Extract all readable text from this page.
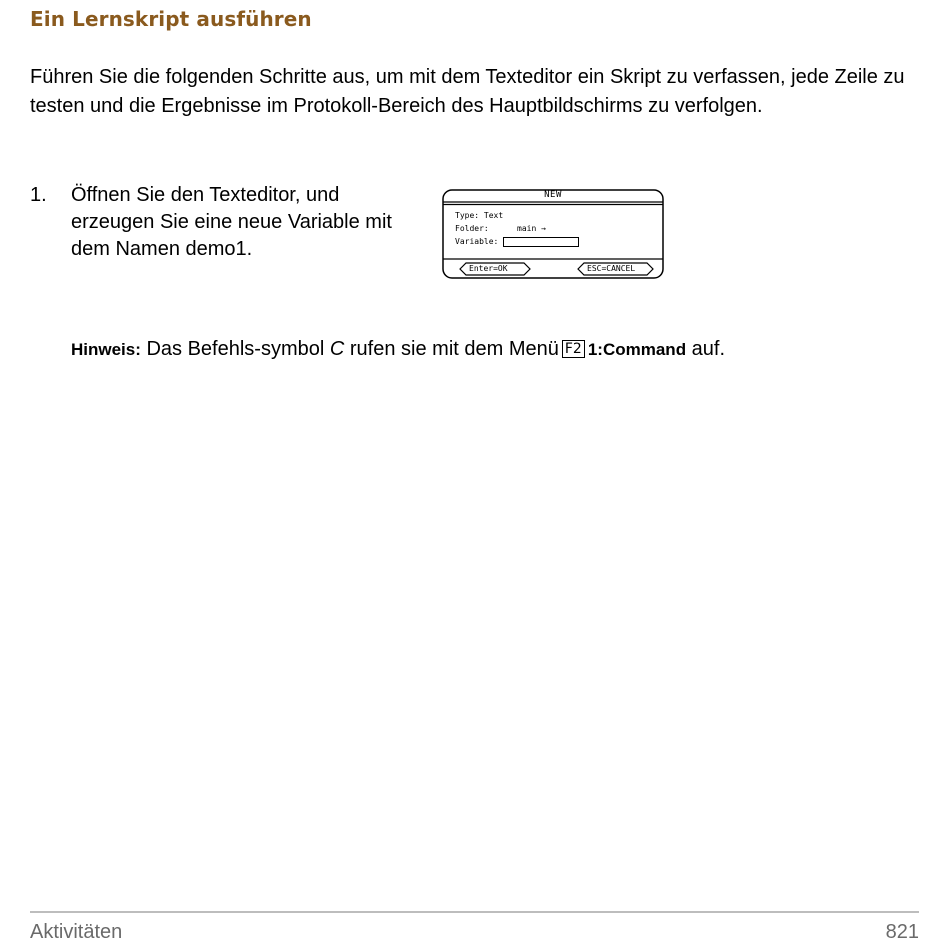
Ein Lernskript ausführen
Führen Sie die folgenden Schritte aus, um mit dem Texteditor ein Skript zu verfassen, jede Zeile zu testen und die Ergebnisse im Protokoll-Bereich des Hauptbildschirms zu verfolgen.
1. Öffnen Sie den Texteditor, und erzeugen Sie eine neue Variable mit dem Namen demo1.
NEW
Type: Text
Folder:	main →
Variable:
Enter=OK	ESC=CANCEL
Hinweis: Das Befehls-symbol C rufen sie mit dem Menü F2 1:Command auf.
Aktivitäten	821
